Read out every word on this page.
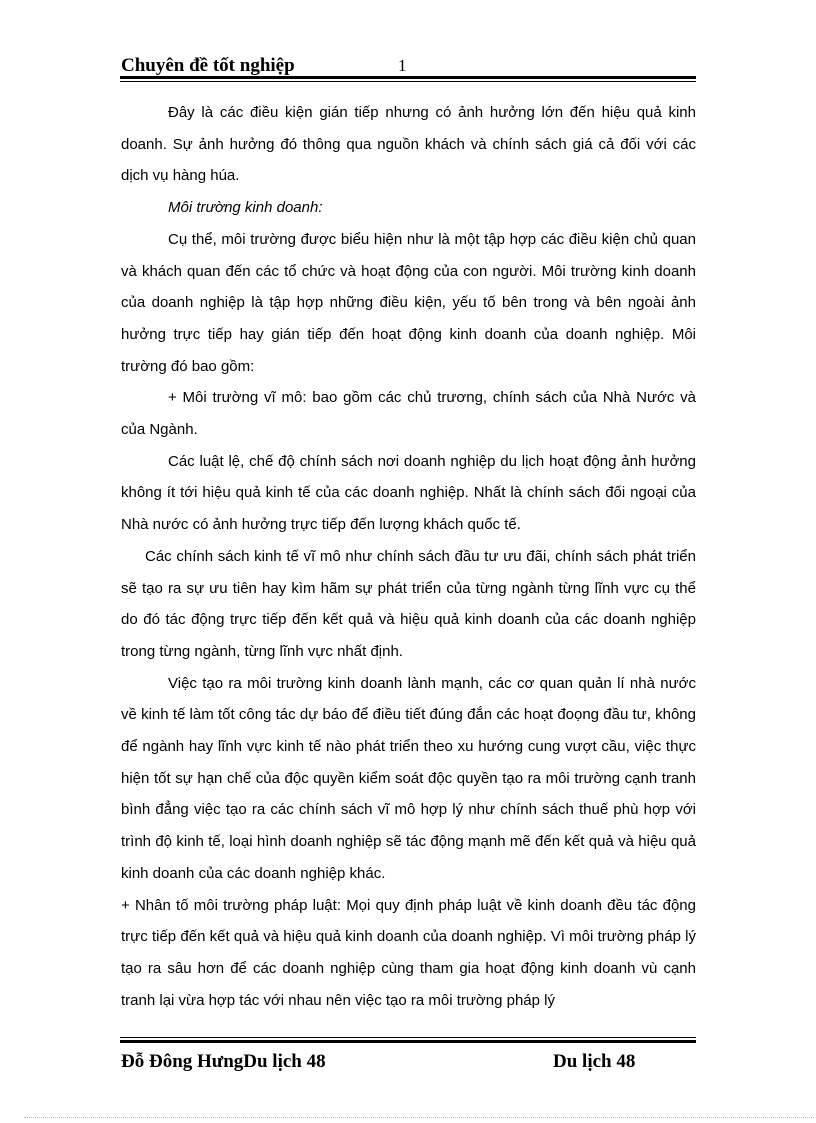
Chuyên đề tốt nghiệp	1

Đây là các điều kiện gián tiếp nhưng có ảnh hưởng lớn đến hiệu quả kinh doanh. Sự ảnh hưởng đó thông qua nguồn khách và chính sách giá cả đối với các dịch vụ hàng húa.

Môi trường kinh doanh:

Cụ thể, môi trường được biểu hiện như là một tập hợp các điều kiện chủ quan và khách quan đến các tổ chức và hoạt động của con người. Môi trường kinh doanh của doanh nghiệp là tập hợp những điều kiện, yếu tố bên trong và bên ngoài ảnh hưởng trực tiếp hay gián tiếp đến hoạt động kinh doanh của doanh nghiệp. Môi trường đó bao gồm:

+ Môi trường vĩ mô: bao gồm các chủ trương, chính sách của Nhà Nước và của Ngành.

Các luật lệ, chế độ chính sách nơi doanh nghiệp du lịch hoạt động ảnh hưởng không ít tới hiệu quả kinh tế của các doanh nghiệp. Nhất là chính sách đối ngoại của Nhà nước có ảnh hưởng trực tiếp đến lượng khách quốc tế.

Các chính sách kinh tế vĩ mô như chính sách đầu tư ưu đãi, chính sách phát triển sẽ tạo ra sự ưu tiên hay kìm hãm sự phát triển của từng ngành từng lĩnh vực cụ thể do đó tác động trực tiếp đến kết quả và hiệu quả kinh doanh của các doanh nghiệp trong từng ngành, từng lĩnh vực nhất định.

Việc tạo ra môi trường kinh doanh lành mạnh, các cơ quan quản lí nhà nước về kinh tế làm tốt công tác dự báo để điều tiết đúng đắn các hoạt đoọng đầu tư, không để ngành hay lĩnh vực kinh tế nào phát triển theo xu hướng cung vượt cầu, việc thực hiện tốt sự hạn chế của độc quyền kiểm soát độc quyền tạo ra môi trường cạnh tranh bình đẳng việc tạo ra các chính sách vĩ mô hợp lý như chính sách thuế phù hợp với trình độ kinh tế, loại hình doanh nghiệp sẽ tác động mạnh mẽ đến kết quả và hiệu quả kinh doanh của các doanh nghiệp khác.

+ Nhân tố môi trường pháp luật: Mọi quy định pháp luật về kinh doanh đều tác động trực tiếp đến kết quả và hiệu quả kinh doanh của doanh nghiệp. Vì môi trường pháp lý tạo ra sâu hơn để các doanh nghiệp cùng tham gia hoạt động kinh doanh vù cạnh tranh lại vừa hợp tác với nhau nên việc tạo ra môi trường pháp lý

Đỗ Đông HưngDu lịch 48	Du lịch 48
